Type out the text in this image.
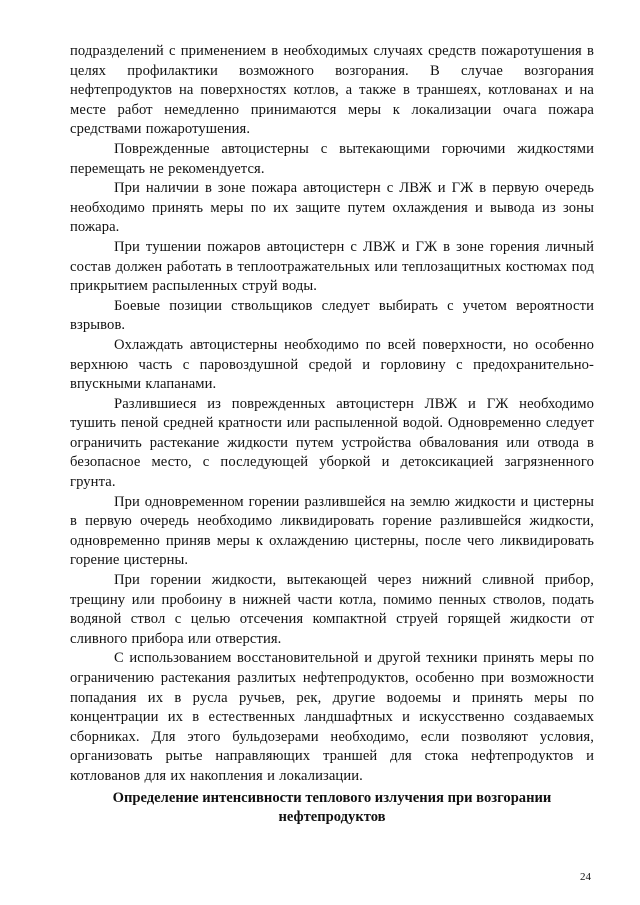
подразделений с применением в необходимых случаях средств пожаротушения в целях профилактики возможного возгорания. В случае возгорания нефтепродуктов на поверхностях котлов, а также в траншеях, котлованах и на месте работ немедленно принимаются меры к локализации очага пожара средствами пожаротушения.

Поврежденные автоцистерны с вытекающими горючими жидкостями перемещать не рекомендуется.

При наличии в зоне пожара автоцистерн с ЛВЖ и ГЖ в первую очередь необходимо принять меры по их защите путем охлаждения и вывода из зоны пожара.

При тушении пожаров автоцистерн с ЛВЖ и ГЖ в зоне горения личный состав должен работать в теплоотражательных или теплозащитных костюмах под прикрытием распыленных струй воды.

Боевые позиции ствольщиков следует выбирать с учетом вероятности взрывов.

Охлаждать автоцистерны необходимо по всей поверхности, но особенно верхнюю часть с паровоздушной средой и горловину с предохранительно-впускными клапанами.

Разлившиеся из поврежденных автоцистерн ЛВЖ и ГЖ необходимо тушить пеной средней кратности или распыленной водой. Одновременно следует ограничить растекание жидкости путем устройства обвалования или отвода в безопасное место, с последующей уборкой и детоксикацией загрязненного грунта.

При одновременном горении разлившейся на землю жидкости и цистерны в первую очередь необходимо ликвидировать горение разлившейся жидкости, одновременно приняв меры к охлаждению цистерны, после чего ликвидировать горение цистерны.

При горении жидкости, вытекающей через нижний сливной прибор, трещину или пробоину в нижней части котла, помимо пенных стволов, подать водяной ствол с целью отсечения компактной струей горящей жидкости от сливного прибора или отверстия.

С использованием восстановительной и другой техники принять меры по ограничению растекания разлитых нефтепродуктов, особенно при возможности попадания их в русла ручьев, рек, другие водоемы и принять меры по концентрации их в естественных ландшафтных и искусственно создаваемых сборниках. Для этого бульдозерами необходимо, если позволяют условия, организовать рытье направляющих траншей для стока нефтепродуктов и котлованов для их накопления и локализации.

Определение интенсивности теплового излучения при возгорании нефтепродуктов
24
